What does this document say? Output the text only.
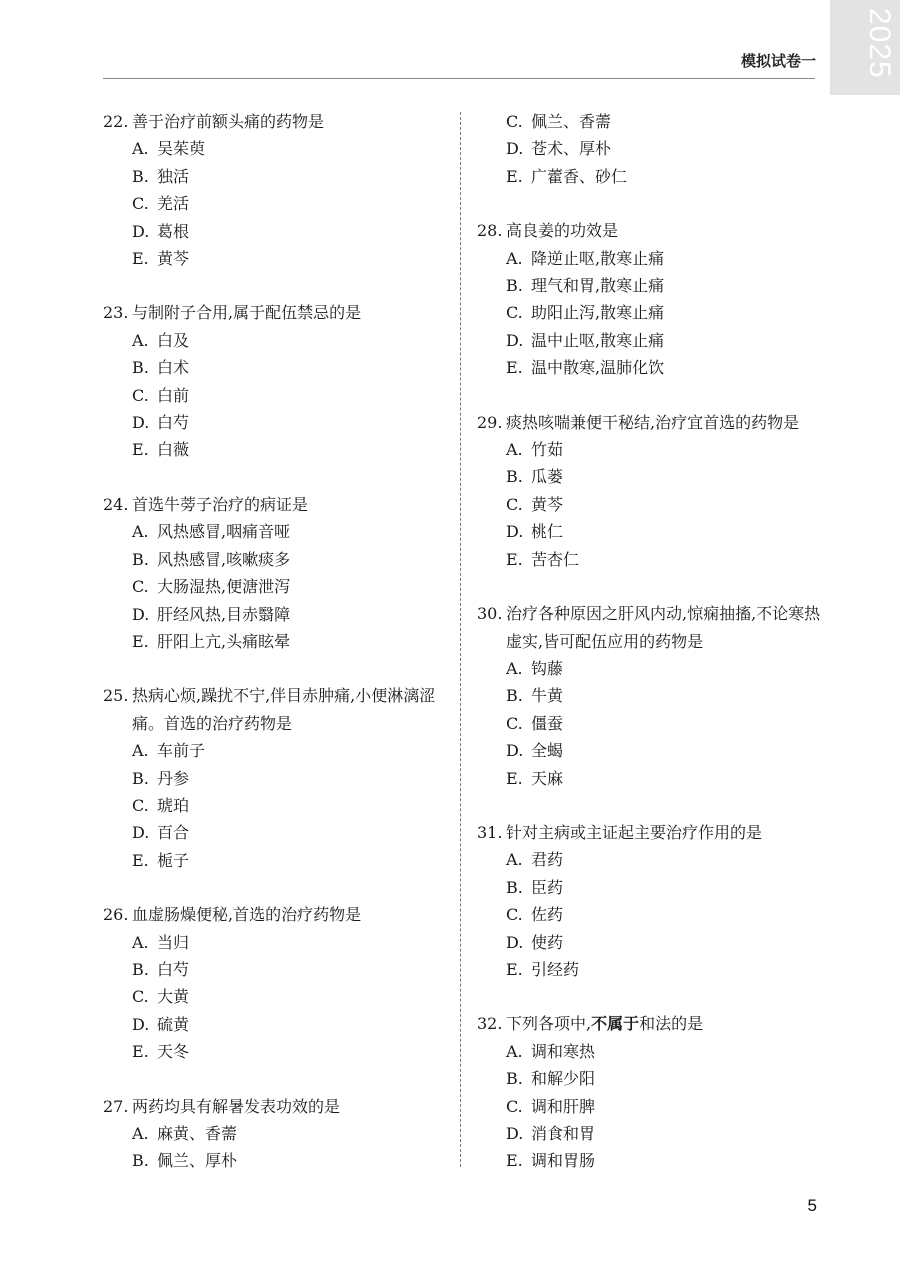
2025
模拟试卷一
22. 善于治疗前额头痛的药物是
A. 吴茱萸
B. 独活
C. 羌活
D. 葛根
E. 黄芩
23. 与制附子合用,属于配伍禁忌的是
A. 白及
B. 白术
C. 白前
D. 白芍
E. 白薇
24. 首选牛蒡子治疗的病证是
A. 风热感冒,咽痛音哑
B. 风热感冒,咳嗽痰多
C. 大肠湿热,便溏泄泻
D. 肝经风热,目赤翳障
E. 肝阳上亢,头痛眩晕
25. 热病心烦,躁扰不宁,伴目赤肿痛,小便淋漓涩痛。首选的治疗药物是
A. 车前子
B. 丹参
C. 琥珀
D. 百合
E. 栀子
26. 血虚肠燥便秘,首选的治疗药物是
A. 当归
B. 白芍
C. 大黄
D. 硫黄
E. 天冬
27. 两药均具有解暑发表功效的是
A. 麻黄、香薷
B. 佩兰、厚朴
C. 佩兰、香薷
D. 苍术、厚朴
E. 广藿香、砂仁
28. 高良姜的功效是
A. 降逆止呕,散寒止痛
B. 理气和胃,散寒止痛
C. 助阳止泻,散寒止痛
D. 温中止呕,散寒止痛
E. 温中散寒,温肺化饮
29. 痰热咳喘兼便干秘结,治疗宜首选的药物是
A. 竹茹
B. 瓜蒌
C. 黄芩
D. 桃仁
E. 苦杏仁
30. 治疗各种原因之肝风内动,惊痫抽搐,不论寒热虚实,皆可配伍应用的药物是
A. 钩藤
B. 牛黄
C. 僵蚕
D. 全蝎
E. 天麻
31. 针对主病或主证起主要治疗作用的是
A. 君药
B. 臣药
C. 佐药
D. 使药
E. 引经药
32. 下列各项中,不属于和法的是
A. 调和寒热
B. 和解少阳
C. 调和肝脾
D. 消食和胃
E. 调和胃肠
5
